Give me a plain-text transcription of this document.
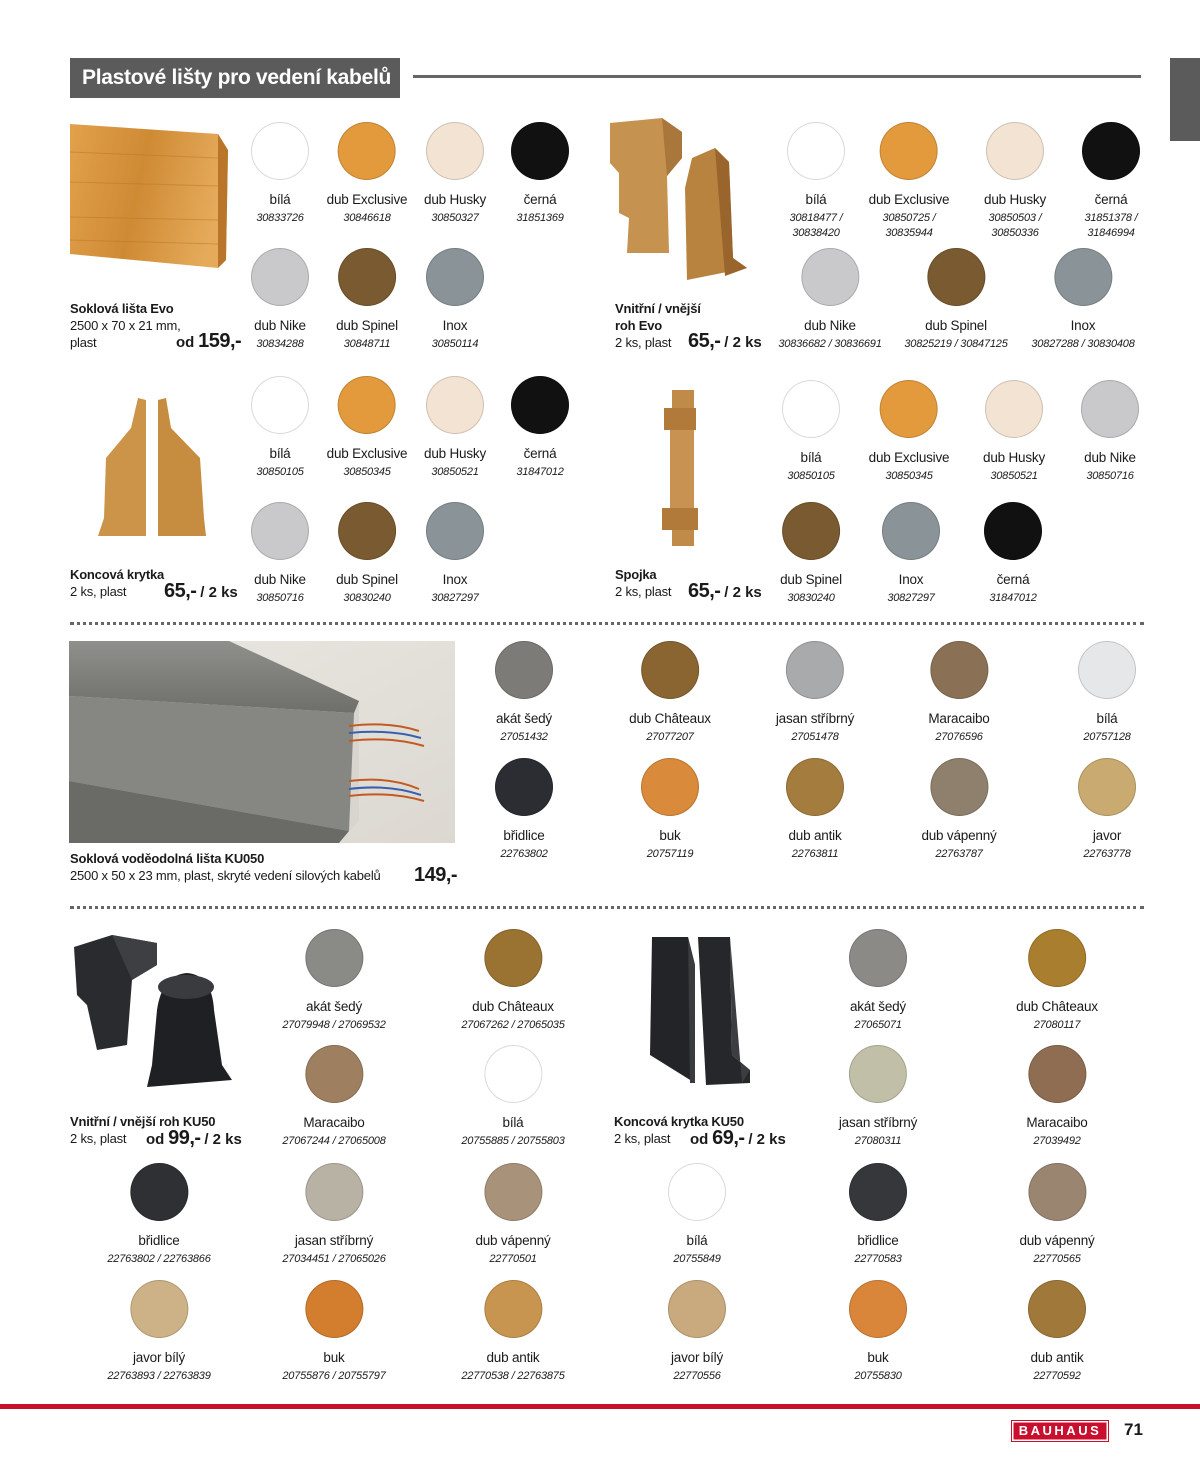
Plastové lišty pro vedení kabelů
Soklová lišta Evo
2500 x 70 x 21 mm,
plast	od 159,-
Vnitřní / vnější
roh Evo
2 ks, plast 65,- / 2 ks
Koncová krytka
2 ks, plast	65,- / 2 ks
Spojka
2 ks, plast 65,- / 2 ks
Soklová voděodolná lišta KU050
2500 x 50 x 23 mm, plast, skryté vedení silových kabelů 149,-
Vnitřní / vnější roh KU50
2 ks, plast	od 99,- / 2 ks
Koncová krytka KU50
2 ks, plast	od 69,- / 2 ks
bílá
30833726
dub Exclusive
30846618
dub Husky
30850327
černá
31851369
dub Nike
30834288
dub Spinel
30848711
Inox
30850114
bílá
30818477 /
30838420
dub Exclusive
30850725 /
30835944
dub Husky
30850503 /
30850336
černá
31851378 /
31846994
dub Nike
30836682 / 30836691
dub Spinel
30825219 / 30847125
Inox
30827288 / 30830408
bílá
30850105
dub Exclusive
30850345
dub Husky
30850521
černá
31847012
dub Nike
30850716
dub Spinel
30830240
Inox
30827297
bílá
30850105
dub Exclusive
30850345
dub Husky
30850521
dub Nike
30850716
dub Spinel
30830240
Inox
30827297
černá
31847012
akát šedý
27051432
dub Châteaux
27077207
jasan stříbrný
27051478
Maracaibo
27076596
bílá
20757128
břidlice
22763802
buk
20757119
dub antik
22763811
dub vápenný
22763787
javor
22763778
akát šedý
27079948 / 27069532
dub Châteaux
27067262 / 27065035
Maracaibo
27067244 / 27065008
bílá
20755885 / 20755803
břidlice
22763802 / 22763866
jasan stříbrný
27034451 / 27065026
dub vápenný
22770501
javor bílý
22763893 / 22763839
buk
20755876 / 20755797
dub antik
22770538 / 22763875
akát šedý
27065071
dub Châteaux
27080117
jasan stříbrný
27080311
Maracaibo
27039492
bílá
20755849
břidlice
22770583
dub vápenný
22770565
javor bílý
22770556
buk
20755830
dub antik
22770592
BAUHAUS	71
